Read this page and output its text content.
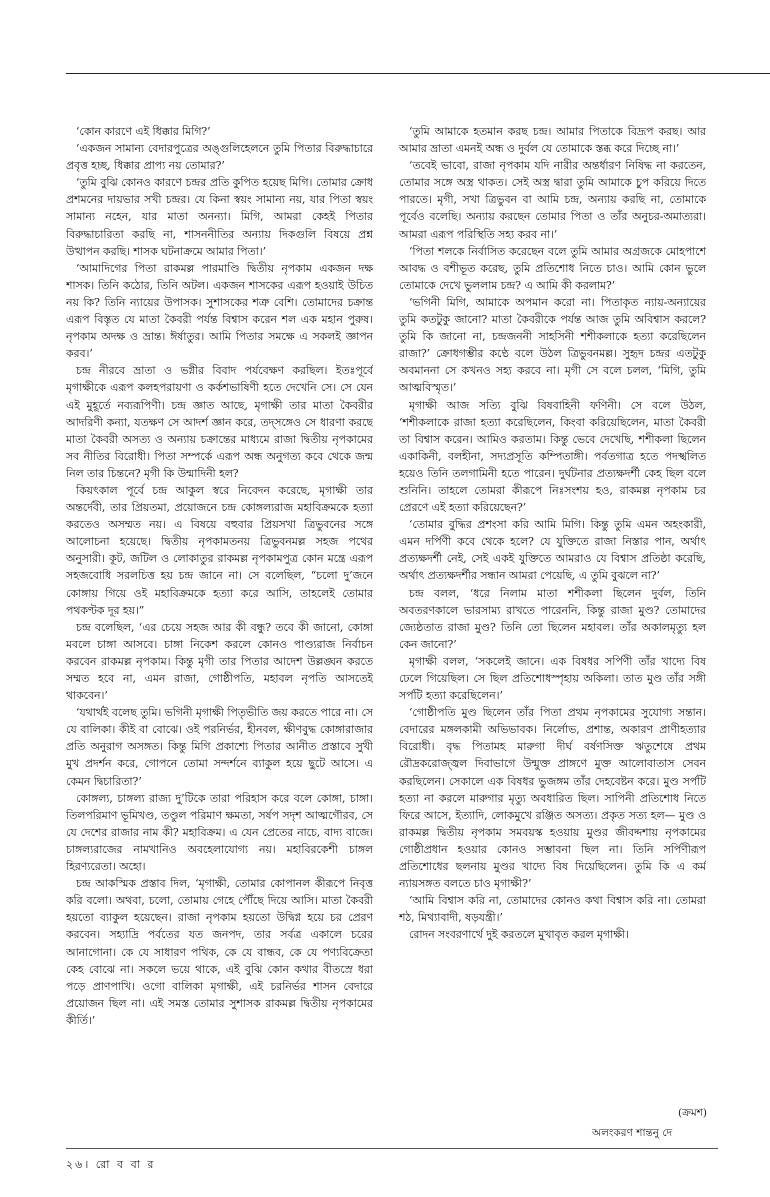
‘কোন কারণে এই ধিক্কার মিগি?’

‘একজন সামান্য বেদারপুত্রের অঙ্গুলিহেলনে তুমি পিতার বিরুদ্ধাচারে প্রবৃত্ত হচ্ছ, ধিক্কার প্রাপ্য নয় তোমার?’

‘তুমি বুঝি কোনও কারণে চন্দ্রর প্রতি কুপিত হয়েছ মিগি। তোমার ক্রোধ প্রশমনের দায়ভার সখী চন্দ্রর। যে কিনা স্বয়ং সামান্য নয়, যার পিতা স্বয়ং সামান্য নহেন, যার মাতা অনন্যা। মিগি, আমরা কেহই পিতার বিরুদ্ধাচারিতা করছি না, শাসননীতির অন্যায় দিকগুলি বিষয়ে প্রশ্ন উত্থাপন করছি। শাসক ঘটনাক্রমে আমার পিতা।’

‘আমাদিগের পিতা রাকমল্ল পারমাণ্ডি দ্বিতীয় নৃপকাম একজন দক্ষ শাসক। তিনি কঠোর, তিনি অটল। একজন শাসকের এরূপ হওয়াই উচিত নয় কি? তিনি ন্যায়ের উপাসক। সুশাসকের শত্রু বেশি। তোমাদের চক্রান্ত এরূপ বিস্তৃত যে মাতা কৈবরী পর্যন্ত বিশ্বাস করেন শল এক মহান পুরুষ। নৃপকাম অদক্ষ ও ভ্রান্ত। ঈর্ষাতুর। আমি পিতার সমক্ষে এ সকলই জ্ঞাপন করব।’

চন্দ্র নীরবে ভ্রাতা ও ভগ্নীর বিবাদ পর্যবেক্ষণ করছিল। ইতঃপূর্বে মৃগাক্ষীকে এরূপ কলহপরায়ণা ও কর্কশভাষিণী হতে দেখেনি সে। সে যেন এই মুহূর্তে নব্যরূপিণী। চন্দ্র জ্ঞাত আছে, মৃগাক্ষী তার মাতা কৈবরীর আদরিণী কন্যা, যতক্ষণ সে আদর্শ জ্ঞান করে, তদ্‌সঙ্গেও সে ধারণা করছে মাতা কৈবরী অসত্য ও অন্যায় চক্রান্তের মাধ্যমে রাজা দ্বিতীয় নৃপকামের সব নীতির বিরোধী। পিতা সম্পর্কে এরূপ অন্ধ অনুগত্য কবে থেকে জন্ম নিল তার চিন্তনে? মৃগী কি উন্মাদিনী হল?

কিয়ৎকাল পূর্বে চন্দ্র আকুল স্বরে নিবেদন করেছে, মৃগাক্ষী তার অন্তর্দেবী, তার প্রিয়তমা, প্রয়োজনে চন্দ্র কোঙ্গল্যরাজ মহাবিক্রমকে হত্যা করতেও অসম্মত নয়। এ বিষয়ে বহুবার প্রিয়সখা ত্রিভুবনের সঙ্গে আলোচনা হয়েছে। দ্বিতীয় নৃপকামতনয় ত্রিভুবনমল্ল সহজ পথের অনুসারী। কূট, জটিল ও লোকাতুর রাকমল্ল নৃপকামপুত্র কোন মন্ত্রে এরূপ সহজবোধি সরলচিত্ত হয় চন্দ্র জানে না। সে বলেছিল, “চলো দু’জনে কোঙ্গায় গিয়ে ওই মহাবিক্রমকে হত্যা করে আসি, তাহলেই তোমার পথকণ্টক দূর হয়।”

চন্দ্র বলেছিল, ‘এর চেয়ে সহজ আর কী বন্ধু? তবে কী জানো, কোঙ্গা মবলে চাঙ্গা আসবে। চাঙ্গা নিকেশ করলে কোনও পাণ্ড্যরাজ নির্বাচন করবেন রাকমল্ল নৃপকাম। কিন্তু মৃগী তার পিতার আদেশ উল্লঙ্ঘন করতে সম্মত হবে না, এমন রাজা, গোষ্ঠীপতি, মহাবল নৃপতি আসতেই থাকবেন।’

‘যথার্থই বলেছ তুমি। ভগিনী মৃগাক্ষী পিতৃভীতি জয় করতে পারে না। সে যে বালিকা। কীই বা বোঝে। ওই পরনির্ভর, হীনবল, ক্ষীণবুদ্ধ কোঙ্গারাজার প্রতি অনুরাগ অসঙ্গত। কিন্তু মিগি প্রকাশ্যে পিতার আনীত প্রস্তাবে সুখী মুখ প্রদর্শন করে, গোপনে তোমা সন্দর্শনে ব্যাকুল হয়ে ছুটে আসে। এ কেমন দ্বিচারিতা?’

কোঙ্গল্য, চাঙ্গল্য রাজ্য দু’টিকে তারা পরিহাস করে বলে কোঙ্গা, চাঙ্গা। তিলপরিমাণ ভূমিখণ্ড, তণ্ডুল পরিমাণ ক্ষমতা, সর্ষপ সদৃশ আত্মগৌরব, সে যে দেশের রাজার নাম কী? মহাবিক্রম। এ যেন প্রেতের নাচে, বাদ্য বাজে। চাঙ্গল্যরাজের নামখানিও অবহেলাযোগ্য নয়। মহাবিরকেশী চাঙ্গল হিরণ্যরেতা। অহো।

চন্দ্র আকস্মিক প্রস্তাব দিল, ‘মৃগাক্ষী, তোমার কোপানল কীরূপে নিবৃত্ত করি বলো। অথবা, চলো, তোমায় গেহে পৌঁছে দিয়ে আসি। মাতা কৈবরী হয়তো ব্যাকুল হয়েছেন। রাজা নৃপকাম হয়তো উদ্বিগ্ন হয়ে চর প্রেরণ করবেন। সহ্যাদ্রি পর্বতের যত জনপদ, তার সর্বত্র একালে চরের আনাগোনা। কে যে সাধারণ পথিক, কে যে বান্ধব, কে যে পণ্যবিক্রেতা কেহ বোঝে না। সকলে ভয়ে থাকে, এই বুঝি কোন কথার বীতস্রে ধরা পড়ে প্রাণপাখি। ওগো বালিকা মৃগাক্ষী, এই চরনির্ভর শাসন বেদারে প্রয়োজন ছিল না। এই সমস্ত তোমার সুশাসক রাকমল্ল দ্বিতীয় নৃপকামের কীর্তি।’

‘তুমি আমাকে হতমান করছ চন্দ্র। আমার পিতাকে বিদ্রূপ করছ। আর আমার ভ্রাতা এমনই অন্ধ ও দুর্বল যে তোমাকে স্তব্ধ করে দিচ্ছে না।’

‘তবেই ভাবো, রাজা নৃপকাম যদি নারীর অন্তর্ধারণ নিষিদ্ধ না করতেন, তোমার সঙ্গে অস্ত্র থাকত। সেই অস্ত্র দ্বারা তুমি আমাকে চুপ করিয়ে দিতে পারতে। মৃগী, সখা ত্রিভুবন বা আমি চন্দ্র, অন্যায় করছি না, তোমাকে পূর্বেও বলেছি। অন্যায় করছেন তোমার পিতা ও তাঁর অনুচর-অমাত্যরা। আমরা এরূপ পরিস্থিতি সহ্য করব না।’

‘পিতা শলকে নির্বাসিত করেছেন বলে তুমি আমার অগ্রজকে মোহপাশে আবদ্ধ ও বশীভূত করেছ, তুমি প্রতিশোধ নিতে চাও। আমি কোন ভুলে তোমাকে দেখে ভুললাম চন্দ্র? এ আমি কী করলাম?’

‘ভগিনী মিগি, আমাকে অপমান করো না। পিতাকৃত ন্যায়-অন্যায়ের তুমি কতটুকু জানো? মাতা কৈবরীকে পর্যন্ত আজ তুমি অবিশ্বাস করলে? তুমি কি জানো না, চন্দ্রজননী সাহসিনী শশীকলাকে হত্যা করেছিলেন রাজা?’ ক্রোধগম্ভীর কণ্ঠে বলে উঠল ত্রিভুবনমল্ল। সুহৃদ চন্দ্রর এতটুকু অবমাননা সে কখনও সহ্য করবে না। মৃগী সে বলে চলল, ‘মিগি, তুমি আত্মবিস্মৃত।’

মৃগাক্ষী আজ সত্যি বুঝি বিষবাহিনী ফণিনী। সে বলে উঠল, ‘শশীকলাকে রাজা হত্যা করেছিলেন, কিংবা করিয়েছিলেন, মাতা কৈবরী তা বিশ্বাস করেন। আমিও করতাম। কিন্তু ভেবে দেখেছি, শশীকলা ছিলেন একাকিনী, বলহীনা, সদ্যপ্রসূতি কম্পিতাঙ্গী। পর্বতগাত্র হতে পদস্খলিত হয়েও তিনি তলগামিনী হতে পারেন। দুর্ঘটনার প্রত্যক্ষদর্শী কেহ ছিল বলে শুনিনি। তাহলে তোমরা কীরূপে নিঃসংশয় হও, রাকমল্ল নৃপকাম চর প্রেরণে এই হত্যা করিয়েছেন?’

‘তোমার বুদ্ধির প্রশংসা করি আমি মিগি। কিন্তু তুমি এমন অহংকারী, এমন দর্পিণী কবে থেকে হলে? যে যুক্তিতে রাজা নিস্তার পান, অর্থাৎ প্রত্যক্ষদর্শী নেই, সেই একই যুক্তিতে আমরাও যে বিশ্বাস প্রতিষ্ঠা করেছি, অর্থাৎ প্রত্যক্ষদর্শীর সন্ধান আমরা পেয়েছি, এ তুমি বুঝলে না?’

চন্দ্র বলল, ‘ধরে নিলাম মাতা শশীকলা ছিলেন দুর্বল, তিনি অবতরণকালে ভারসাম্য রাখতে পারেননি, কিন্তু রাজা মুণ্ড? তোমাদের জ্যেষ্ঠতাত রাজা মুণ্ড? তিনি তো ছিলেন মহাবল। তাঁর অকালমৃত্যু হল কেন জানো?’

মৃগাক্ষী বলল, ‘সকলেই জানে। এক বিষধর সর্পিণী তাঁর খাদ্যে বিষ ঢেলে গিয়েছিল। সে ছিল প্রতিশোধস্পৃহায় অকিলা। তাত মুণ্ড তাঁর সঙ্গী সর্পটি হত্যা করেছিলেন।’

‘গোষ্ঠীপতি মুণ্ড ছিলেন তাঁর পিতা প্রথম নৃপকামের সুযোগ্য সন্তান। বেদারের মঙ্গলকামী অভিভাবক। নির্লোভ, প্রশান্ত, অকারণ প্রাণীহত্যার বিরোধী। বৃদ্ধ পিতামহ মারুগা দীর্ঘ বর্ষণসিক্ত ঋতুশেষে প্রথম রৌদ্রকরোজ্জ্বল দিবাভাগে উন্মুক্ত প্রাঙ্গণে মুক্ত আলোবাতাস সেবন করছিলেন। সেকালে এক বিষধর ভুজঙ্গম তাঁর দেহবেষ্টন করে। মুণ্ড সর্পটি হত্যা না করলে মারুগার মৃত্যু অবধারিত ছিল। সাপিনী প্রতিশোধ নিতে ফিরে আসে, ইত্যাদি, লোকমুখে রঞ্জিত অসত্য। প্রকৃত সত্য হল— মুণ্ড ও রাকমল্ল দ্বিতীয় নৃপকাম সমবয়স্ক হওয়ায় মুণ্ডর জীবদ্দশায় নৃপকামের গোষ্ঠীপ্রধান হওয়ার কোনও সম্ভাবনা ছিল না। তিনি সর্পিণীরূপ প্রতিশোধের ছলনায় মুণ্ডর খাদ্যে বিষ দিয়েছিলেন। তুমি কি এ কর্ম ন্যায়সঙ্গত বলতে চাও মৃগাক্ষী?’

‘আমি বিশ্বাস করি না, তোমাদের কোনও কথা বিশ্বাস করি না। তোমরা শঠ, মিথ্যাবাদী, ষড়যন্ত্রী।’

রোদন সংবরণার্থে দুই করতলে মুখাবৃত করল মৃগাক্ষী।

(ক্রমশ)
অলংকরণ শান্তনু দে
২৬। রো ব বা র
